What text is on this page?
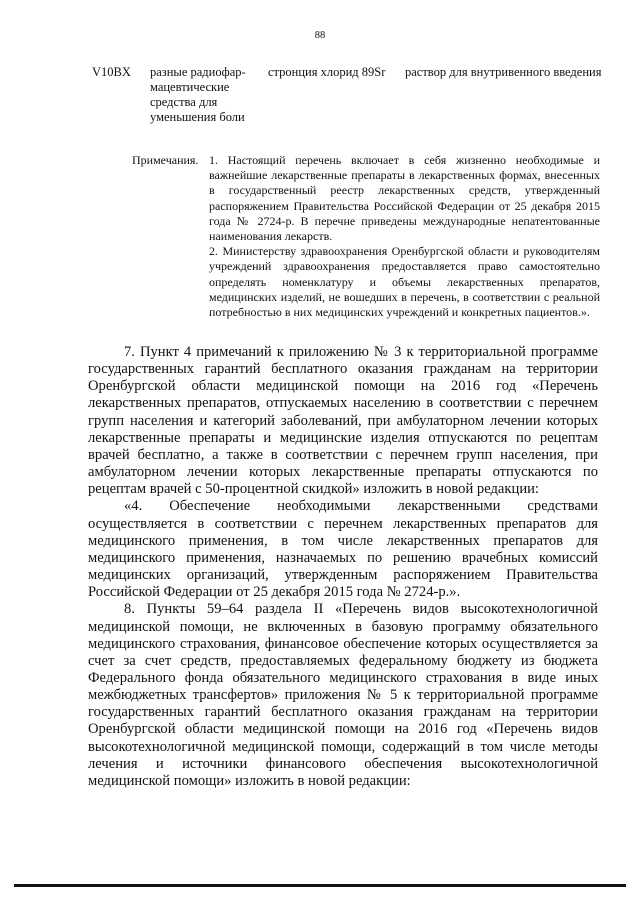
88
V10BX	разные радиофар-мацевтические средства для уменьшения боли
стронция хлорид 89Sr	раствор для внутривенного введения
Примечания. 1. Настоящий перечень включает в себя жизненно необходимые и важнейшие лекарственные препараты в лекарственных формах, внесенных в государственный реестр лекарственных средств, утвержденный распоряжением Правительства Российской Федерации от 25 декабря 2015 года № 2724-р. В перечне приведены международные непатентованные наименования лекарств.

2. Министерству здравоохранения Оренбургской области и руководителям учреждений здравоохранения предоставляется право самостоятельно определять номенклатуру и объемы лекарственных препаратов, медицинских изделий, не вошедших в перечень, в соответствии с реальной потребностью в них медицинских учреждений и конкретных пациентов.».

7. Пункт 4 примечаний к приложению № 3 к территориальной программе государственных гарантий бесплатного оказания гражданам на территории Оренбургской области медицинской помощи на 2016 год «Перечень лекарственных препаратов, отпускаемых населению в соответствии с перечнем групп населения и категорий заболеваний, при амбулаторном лечении которых лекарственные препараты и медицинские изделия отпускаются по рецептам врачей бесплатно, а также в соответствии с перечнем групп населения, при амбулаторном лечении которых лекарственные препараты отпускаются по рецептам врачей с 50-процентной скидкой» изложить в новой редакции:

«4. Обеспечение необходимыми лекарственными средствами осуществляется в соответствии с перечнем лекарственных препаратов для медицинского применения, в том числе лекарственных препаратов для медицинского применения, назначаемых по решению врачебных комиссий медицинских организаций, утвержденным распоряжением Правительства Российской Федерации от 25 декабря 2015 года № 2724-р.».

8. Пункты 59–64 раздела II «Перечень видов высокотехнологичной медицинской помощи, не включенных в базовую программу обязательного медицинского страхования, финансовое обеспечение которых осуществляется за счет за счет средств, предоставляемых федеральному бюджету из бюджета Федерального фонда обязательного медицинского страхования в виде иных межбюджетных трансфертов» приложения № 5 к территориальной программе государственных гарантий бесплатного оказания гражданам на территории Оренбургской области медицинской помощи на 2016 год «Перечень видов высокотехнологичной медицинской помощи, содержащий в том числе методы лечения и источники финансового обеспечения высокотехнологичной медицинской помощи» изложить в новой редакции:
